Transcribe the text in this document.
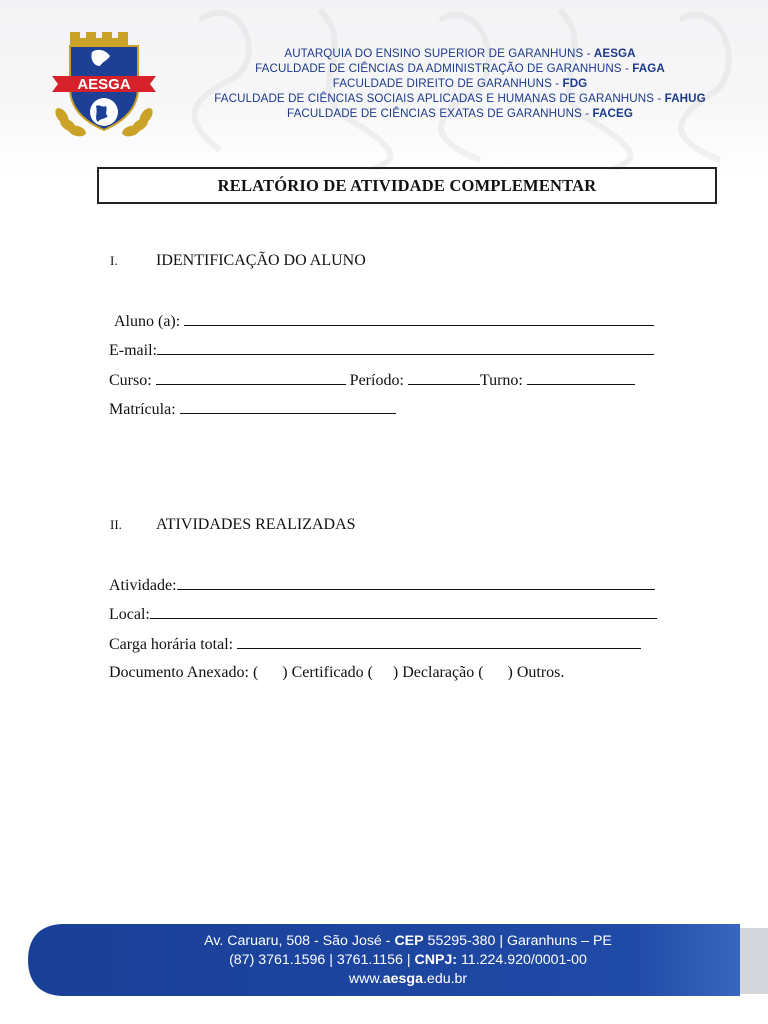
AESGA
AUTARQUIA DO ENSINO SUPERIOR DE GARANHUNS - AESGA
FACULDADE DE CIÊNCIAS DA ADMINISTRAÇÃO DE GARANHUNS - FAGA
FACULDADE DIREITO DE GARANHUNS - FDG
FACULDADE DE CIÊNCIAS SOCIAIS APLICADAS E HUMANAS DE GARANHUNS - FAHUG
FACULDADE DE CIÊNCIAS EXATAS DE GARANHUNS - FACEG
RELATÓRIO DE ATIVIDADE COMPLEMENTAR
I. IDENTIFICAÇÃO DO ALUNO
Aluno (a):
E-mail:
Curso:	Período:	Turno:
Matrícula:
II. ATIVIDADES REALIZADAS
Atividade:
Local:
Carga horária total:
Documento Anexado: ( ) Certificado ( ) Declaração ( ) Outros.
Av. Caruaru, 508 - São José - CEP 55295-380 | Garanhuns – PE
(87) 3761.1596 | 3761.1156 | CNPJ: 11.224.920/0001-00
www.aesga.edu.br
